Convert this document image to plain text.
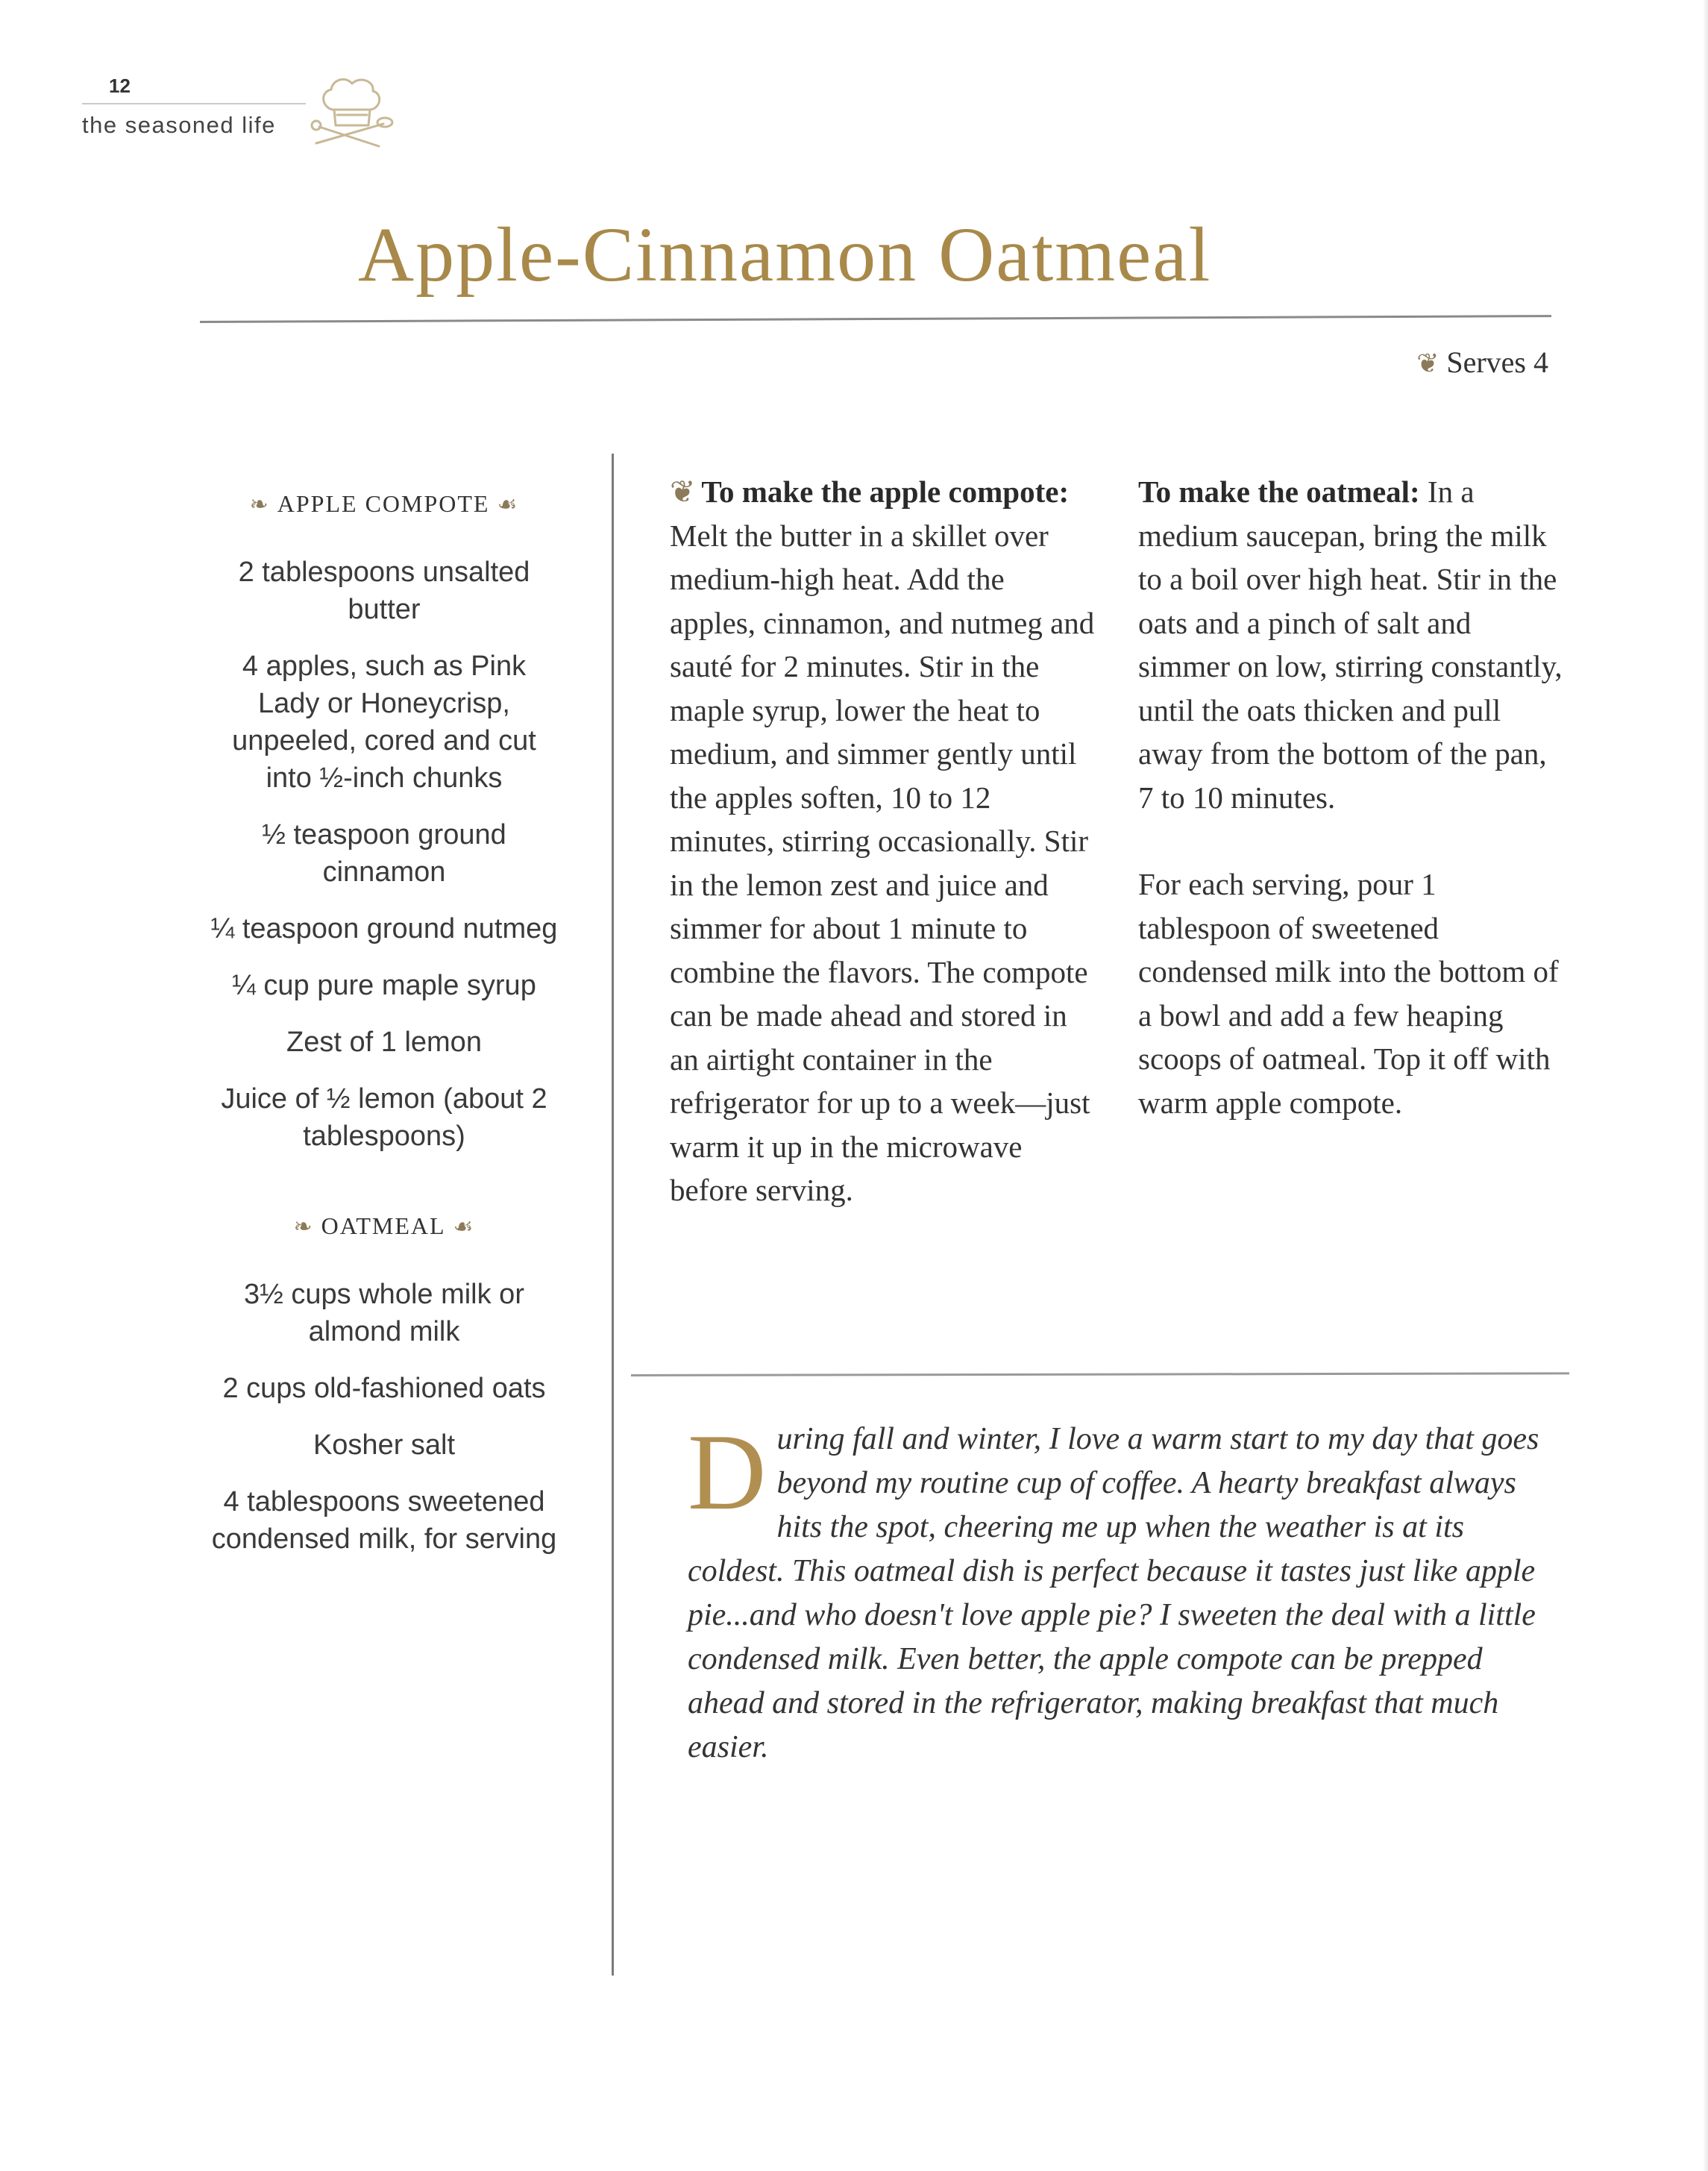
12
the seasoned life
Apple-Cinnamon Oatmeal
❦ Serves 4
❧ APPLE COMPOTE ☙
2 tablespoons unsalted butter
4 apples, such as Pink Lady or Honeycrisp, unpeeled, cored and cut into ½-inch chunks
½ teaspoon ground cinnamon
¼ teaspoon ground nutmeg
¼ cup pure maple syrup
Zest of 1 lemon
Juice of ½ lemon (about 2 tablespoons)
❧ OATMEAL ☙
3½ cups whole milk or almond milk
2 cups old-fashioned oats
Kosher salt
4 tablespoons sweetened condensed milk, for serving

❦ To make the apple compote: Melt the butter in a skillet over medium-high heat. Add the apples, cinnamon, and nutmeg and sauté for 2 minutes. Stir in the maple syrup, lower the heat to medium, and simmer gently until the apples soften, 10 to 12 minutes, stirring occasionally. Stir in the lemon zest and juice and simmer for about 1 minute to combine the flavors. The compote can be made ahead and stored in an airtight container in the refrigerator for up to a week—just warm it up in the microwave before serving.

To make the oatmeal: In a medium saucepan, bring the milk to a boil over high heat. Stir in the oats and a pinch of salt and simmer on low, stirring constantly, until the oats thicken and pull away from the bottom of the pan, 7 to 10 minutes.

For each serving, pour 1 tablespoon of sweetened condensed milk into the bottom of a bowl and add a few heaping scoops of oatmeal. Top it off with warm apple compote.

During fall and winter, I love a warm start to my day that goes beyond my routine cup of coffee. A hearty breakfast always hits the spot, cheering me up when the weather is at its coldest. This oatmeal dish is perfect because it tastes just like apple pie...and who doesn't love apple pie? I sweeten the deal with a little condensed milk. Even better, the apple compote can be prepped ahead and stored in the refrigerator, making breakfast that much easier.
